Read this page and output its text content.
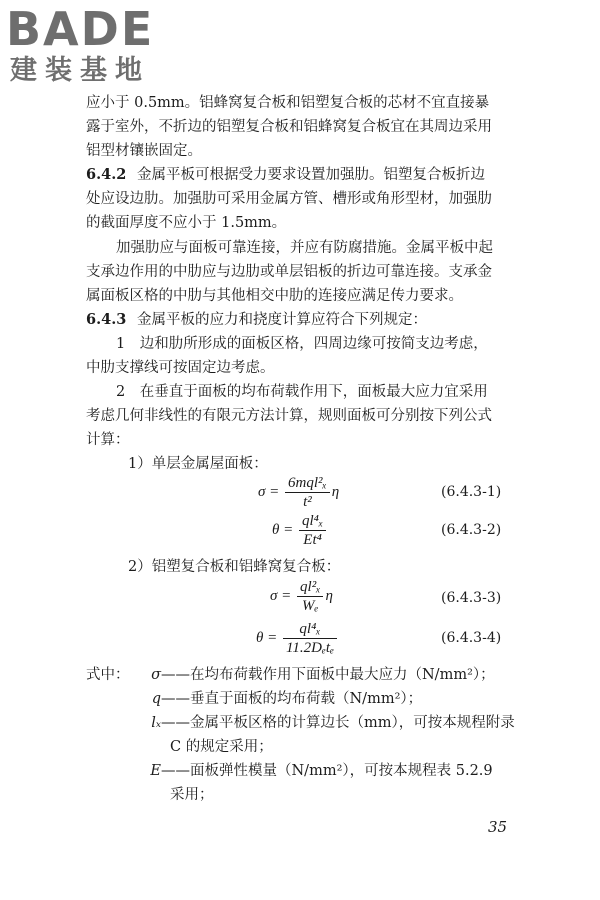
BADE
建装基地
应小于 0.5mm。铝蜂窝复合板和铝塑复合板的芯材不宜直接暴
露于室外，不折边的铝塑复合板和铝蜂窝复合板宜在其周边采用
铝型材镶嵌固定。
6.4.2 金属平板可根据受力要求设置加强肋。铝塑复合板折边
处应设边肋。加强肋可采用金属方管、槽形或角形型材，加强肋
的截面厚度不应小于 1.5mm。
加强肋应与面板可靠连接，并应有防腐措施。金属平板中起
支承边作用的中肋应与边肋或单层铝板的折边可靠连接。支承金
属面板区格的中肋与其他相交中肋的连接应满足传力要求。
6.4.3 金属平板的应力和挠度计算应符合下列规定：
1　边和肋所形成的面板区格，四周边缘可按简支边考虑，
中肋支撑线可按固定边考虑。
2　在垂直于面板的均布荷载作用下，面板最大应力宜采用
考虑几何非线性的有限元方法计算，规则面板可分别按下列公式
计算：
1）单层金属屋面板：
$\sigma = \frac{\text{6mql²ₓ}}{\text{t²}}$ η	(6.4.3-1)
$\theta = \frac{\text{ql⁴ₓ}}{\text{Et⁴}}$	(6.4.3-2)
2）铝塑复合板和铝蜂窝复合板：
$\sigma = \frac{\text{ql²ₓ}}{\text{Wₑ}}$ η	(6.4.3-3)
$\theta = \frac{\text{ql⁴ₓ}}{\text{11.2Dₑtₑ}}$	(6.4.3-4)
式中：	σ ——在均布荷载作用下面板中最大应力（N/mm²）；
q ——垂直于面板的均布荷载（N/mm²）；
lₓ ——金属平板区格的计算边长（mm），可按本规程附录
C 的规定采用；
E ——面板弹性模量（N/mm²），可按本规程表 5.2.9
采用；
35
